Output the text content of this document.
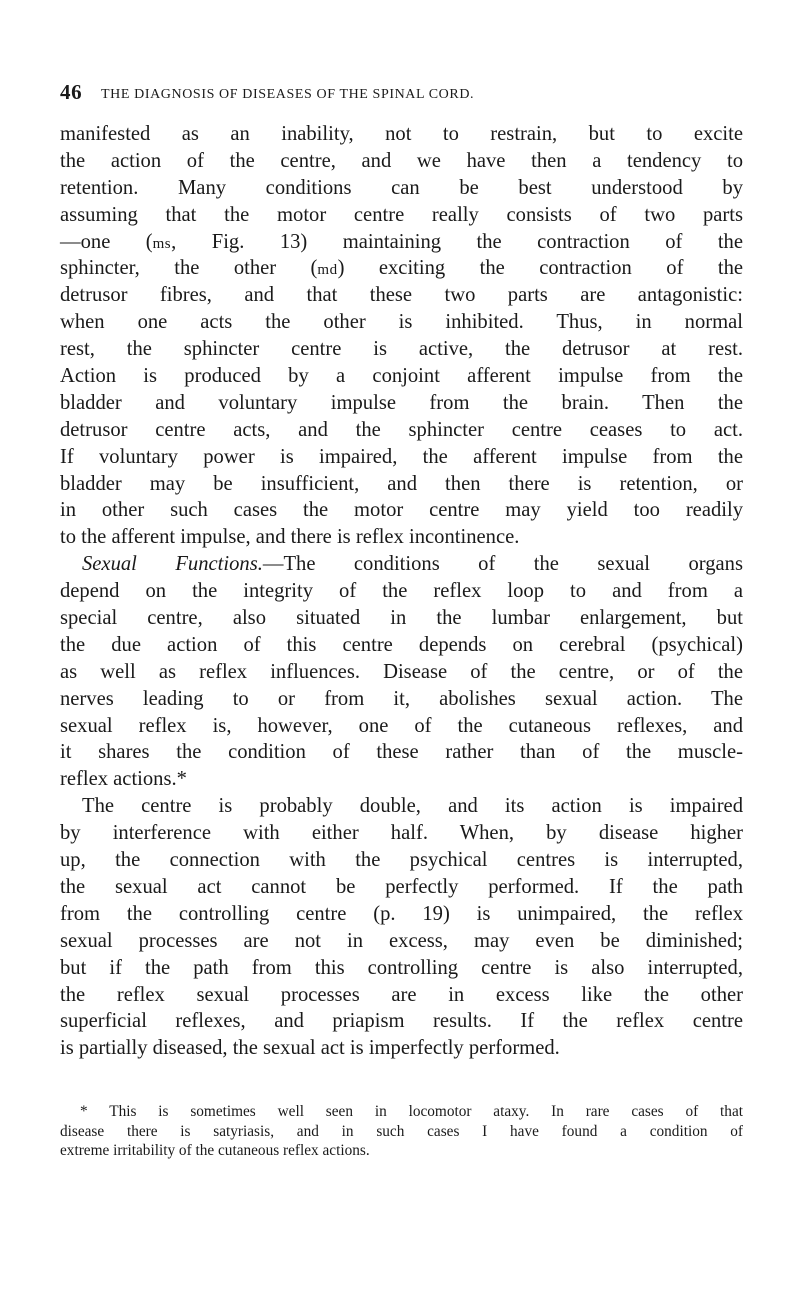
46 THE DIAGNOSIS OF DISEASES OF THE SPINAL CORD.
manifested as an inability, not to restrain, but to excite
the action of the centre, and we have then a tendency to
retention. Many conditions can be best understood by
assuming that the motor centre really consists of two parts
—one (ms, Fig. 13) maintaining the contraction of the
sphincter, the other (md) exciting the contraction of the
detrusor fibres, and that these two parts are antagonistic:
when one acts the other is inhibited. Thus, in normal
rest, the sphincter centre is active, the detrusor at rest.
Action is produced by a conjoint afferent impulse from the
bladder and voluntary impulse from the brain. Then the
detrusor centre acts, and the sphincter centre ceases to act.
If voluntary power is impaired, the afferent impulse from the
bladder may be insufficient, and then there is retention, or
in other such cases the motor centre may yield too readily
to the afferent impulse, and there is reflex incontinence.
Sexual Functions.—The conditions of the sexual organs
depend on the integrity of the reflex loop to and from a
special centre, also situated in the lumbar enlargement, but
the due action of this centre depends on cerebral (psychical)
as well as reflex influences. Disease of the centre, or of the
nerves leading to or from it, abolishes sexual action. The
sexual reflex is, however, one of the cutaneous reflexes, and
it shares the condition of these rather than of the muscle-
reflex actions.*
The centre is probably double, and its action is impaired
by interference with either half. When, by disease higher
up, the connection with the psychical centres is interrupted,
the sexual act cannot be perfectly performed. If the path
from the controlling centre (p. 19) is unimpaired, the reflex
sexual processes are not in excess, may even be diminished;
but if the path from this controlling centre is also interrupted,
the reflex sexual processes are in excess like the other
superficial reflexes, and priapism results. If the reflex centre
is partially diseased, the sexual act is imperfectly performed.
* This is sometimes well seen in locomotor ataxy. In rare cases of that
disease there is satyriasis, and in such cases I have found a condition of
extreme irritability of the cutaneous reflex actions.
